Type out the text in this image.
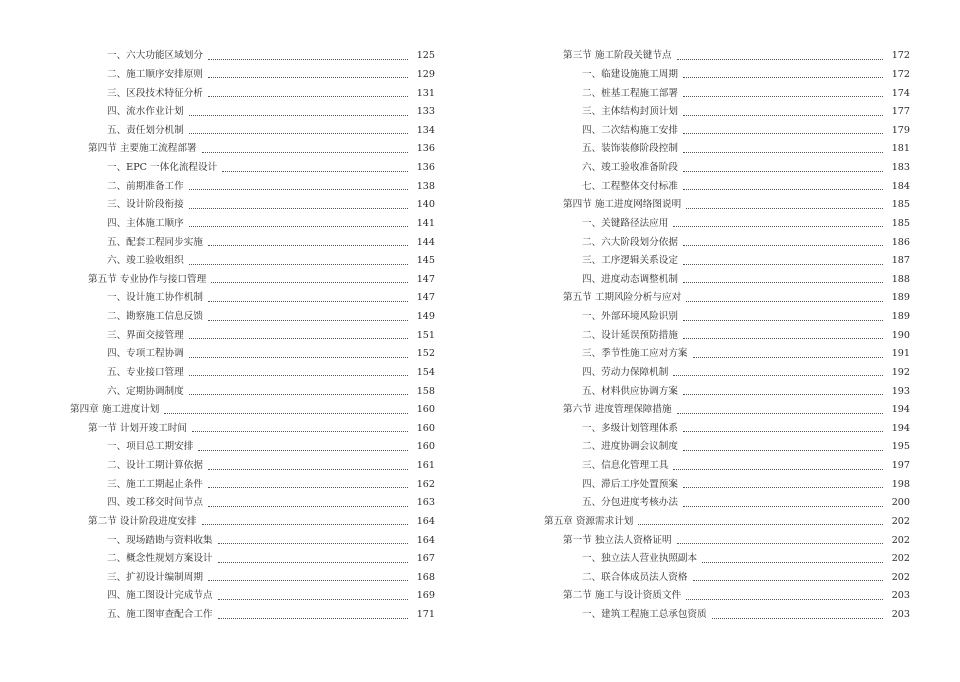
一、六大功能区域划分	125
二、施工顺序安排原则	129
三、区段技术特征分析	131
四、流水作业计划	133
五、责任划分机制	134
第四节 主要施工流程部署	136
一、EPC 一体化流程设计	136
二、前期准备工作	138
三、设计阶段衔接	140
四、主体施工顺序	141
五、配套工程同步实施	144
六、竣工验收组织	145
第五节 专业协作与接口管理	147
一、设计施工协作机制	147
二、勘察施工信息反馈	149
三、界面交接管理	151
四、专项工程协调	152
五、专业接口管理	154
六、定期协调制度	158
第四章 施工进度计划	160
第一节 计划开竣工时间	160
一、项目总工期安排	160
二、设计工期计算依据	161
三、施工工期起止条件	162
四、竣工移交时间节点	163
第二节 设计阶段进度安排	164
一、现场踏勘与资料收集	164
二、概念性规划方案设计	167
三、扩初设计编制周期	168
四、施工图设计完成节点	169
五、施工图审查配合工作	171
第三节 施工阶段关键节点	172
一、临建设施施工周期	172
二、桩基工程施工部署	174
三、主体结构封顶计划	177
四、二次结构施工安排	179
五、装饰装修阶段控制	181
六、竣工验收准备阶段	183
七、工程整体交付标准	184
第四节 施工进度网络图说明	185
一、关键路径法应用	185
二、六大阶段划分依据	186
三、工序逻辑关系设定	187
四、进度动态调整机制	188
第五节 工期风险分析与应对	189
一、外部环境风险识别	189
二、设计延误预防措施	190
三、季节性施工应对方案	191
四、劳动力保障机制	192
五、材料供应协调方案	193
第六节 进度管理保障措施	194
一、多级计划管理体系	194
二、进度协调会议制度	195
三、信息化管理工具	197
四、滞后工序处置预案	198
五、分包进度考核办法	200
第五章 资源需求计划	202
第一节 独立法人资格证明	202
一、独立法人营业执照副本	202
二、联合体成员法人资格	202
第二节 施工与设计资质文件	203
一、建筑工程施工总承包资质	203
